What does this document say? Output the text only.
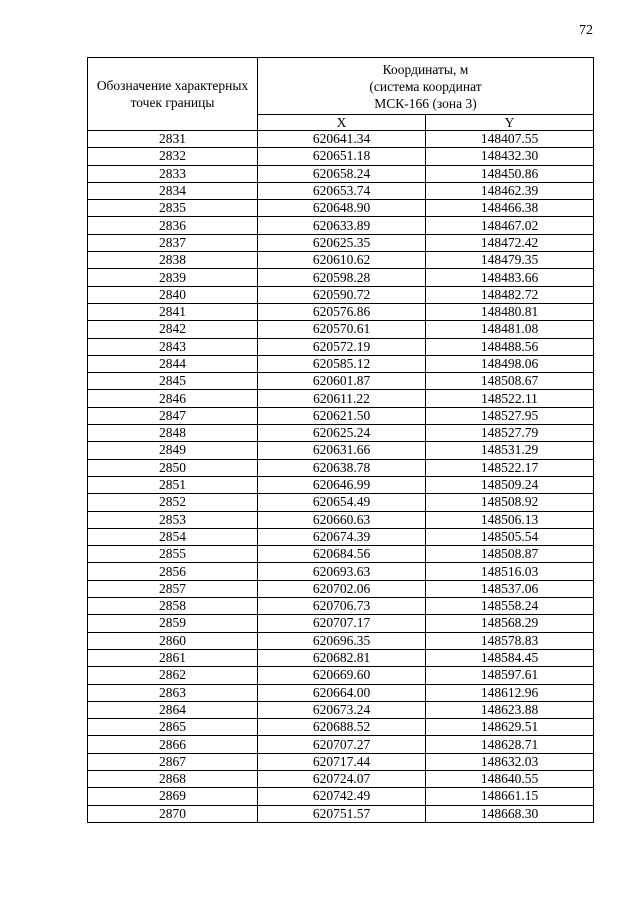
72
Обозначение характерных точек границы	Координаты, м
(система координат
МСК-166 (зона 3)	

	X	Y
2831	620641.34	148407.55
2832	620651.18	148432.30
2833	620658.24	148450.86
2834	620653.74	148462.39
2835	620648.90	148466.38
2836	620633.89	148467.02
2837	620625.35	148472.42
2838	620610.62	148479.35
2839	620598.28	148483.66
2840	620590.72	148482.72
2841	620576.86	148480.81
2842	620570.61	148481.08
2843	620572.19	148488.56
2844	620585.12	148498.06
2845	620601.87	148508.67
2846	620611.22	148522.11
2847	620621.50	148527.95
2848	620625.24	148527.79
2849	620631.66	148531.29
2850	620638.78	148522.17
2851	620646.99	148509.24
2852	620654.49	148508.92
2853	620660.63	148506.13
2854	620674.39	148505.54
2855	620684.56	148508.87
2856	620693.63	148516.03
2857	620702.06	148537.06
2858	620706.73	148558.24
2859	620707.17	148568.29
2860	620696.35	148578.83
2861	620682.81	148584.45
2862	620669.60	148597.61
2863	620664.00	148612.96
2864	620673.24	148623.88
2865	620688.52	148629.51
2866	620707.27	148628.71
2867	620717.44	148632.03
2868	620724.07	148640.55
2869	620742.49	148661.15
2870	620751.57	148668.30
